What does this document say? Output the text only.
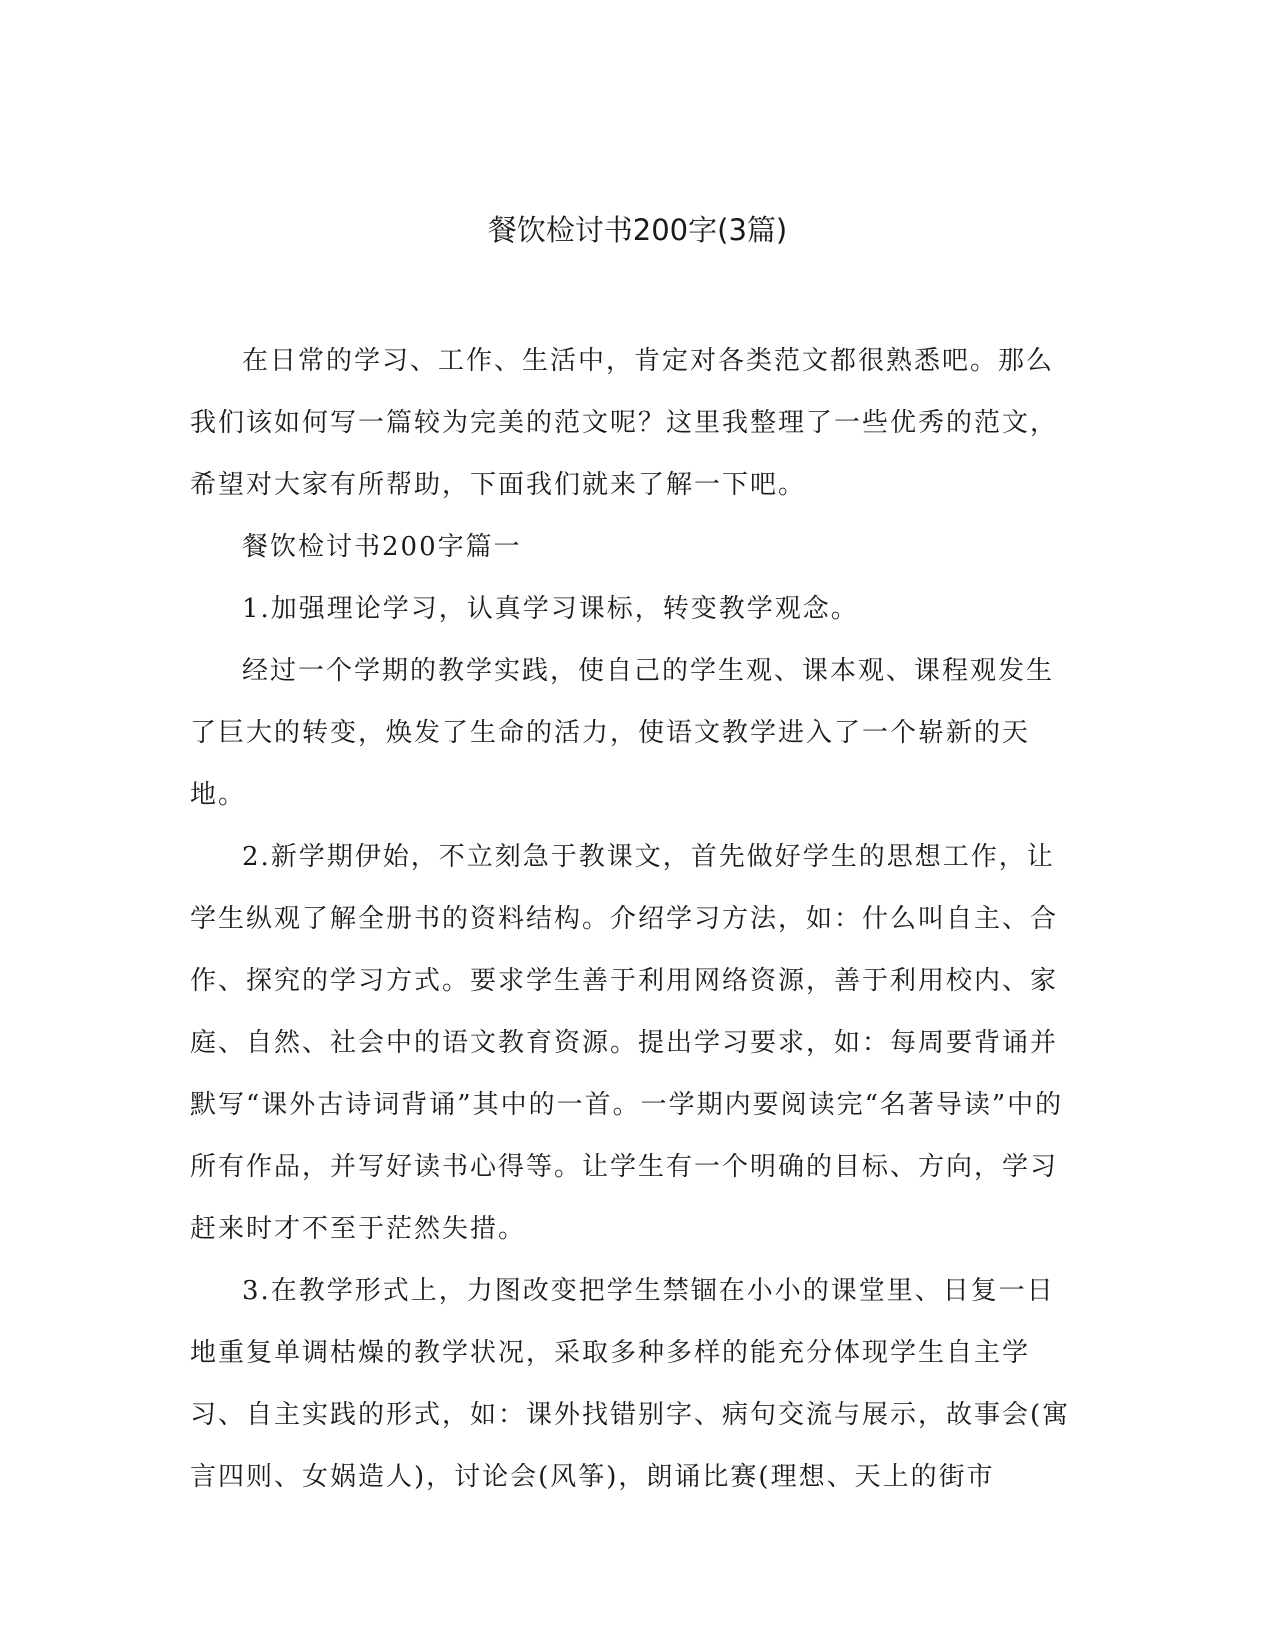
餐饮检讨书200字(3篇)

在日常的学习、工作、生活中，肯定对各类范文都很熟悉吧。那么我们该如何写一篇较为完美的范文呢？这里我整理了一些优秀的范文，希望对大家有所帮助，下面我们就来了解一下吧。

餐饮检讨书200字篇一

1.加强理论学习，认真学习课标，转变教学观念。

经过一个学期的教学实践，使自己的学生观、课本观、课程观发生了巨大的转变，焕发了生命的活力，使语文教学进入了一个崭新的天地。

2.新学期伊始，不立刻急于教课文，首先做好学生的思想工作，让学生纵观了解全册书的资料结构。介绍学习方法，如：什么叫自主、合作、探究的学习方式。要求学生善于利用网络资源，善于利用校内、家庭、自然、社会中的语文教育资源。提出学习要求，如：每周要背诵并默写“课外古诗词背诵”其中的一首。一学期内要阅读完“名著导读”中的所有作品，并写好读书心得等。让学生有一个明确的目标、方向，学习赶来时才不至于茫然失措。

3.在教学形式上，力图改变把学生禁锢在小小的课堂里、日复一日地重复单调枯燥的教学状况，采取多种多样的能充分体现学生自主学习、自主实践的形式，如：课外找错别字、病句交流与展示，故事会(寓言四则、女娲造人)，讨论会(风筝)，朗诵比赛(理想、天上的街市
